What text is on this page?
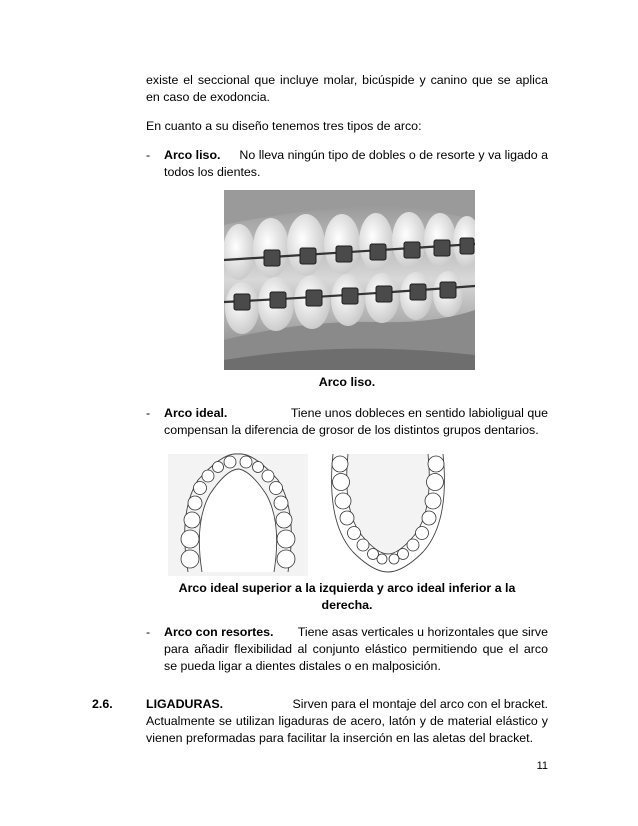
existe el seccional que incluye molar, bicúspide y canino que se aplica
en caso de exodoncia.
En cuanto a su diseño tenemos tres tipos de arco:
- Arco liso. No lleva ningún tipo de dobles o de resorte y va ligado a
todos los dientes.
Arco liso.
- Arco ideal.	Tiene unos dobleces en sentido labioligual que
compensan la diferencia de grosor de los distintos grupos dentarios.
Arco ideal superior a la izquierda y arco ideal inferior a la
derecha.
- Arco con resortes. Tiene asas verticales u horizontales que sirve
para añadir flexibilidad al conjunto elástico permitiendo que el arco
se pueda ligar a dientes distales o en malposición.
2.6.	LIGADURAS.	Sirven para el montaje del arco con el bracket.
Actualmente se utilizan ligaduras de acero, latón y de material elástico y
vienen preformadas para facilitar la inserción en las aletas del bracket.
11
